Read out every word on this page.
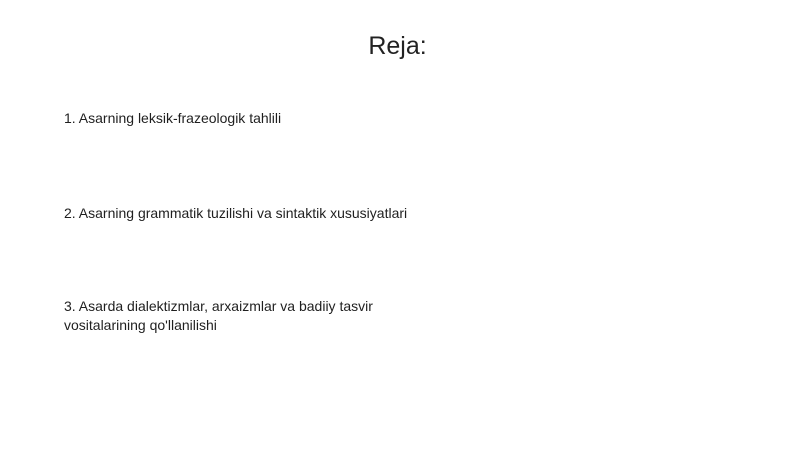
Reja:
1. Asarning leksik-frazeologik tahlili
2. Asarning grammatik tuzilishi va sintaktik xususiyatlari
3. Asarda dialektizmlar, arxaizmlar va badiiy tasvir vositalarining qo'llanilishi
